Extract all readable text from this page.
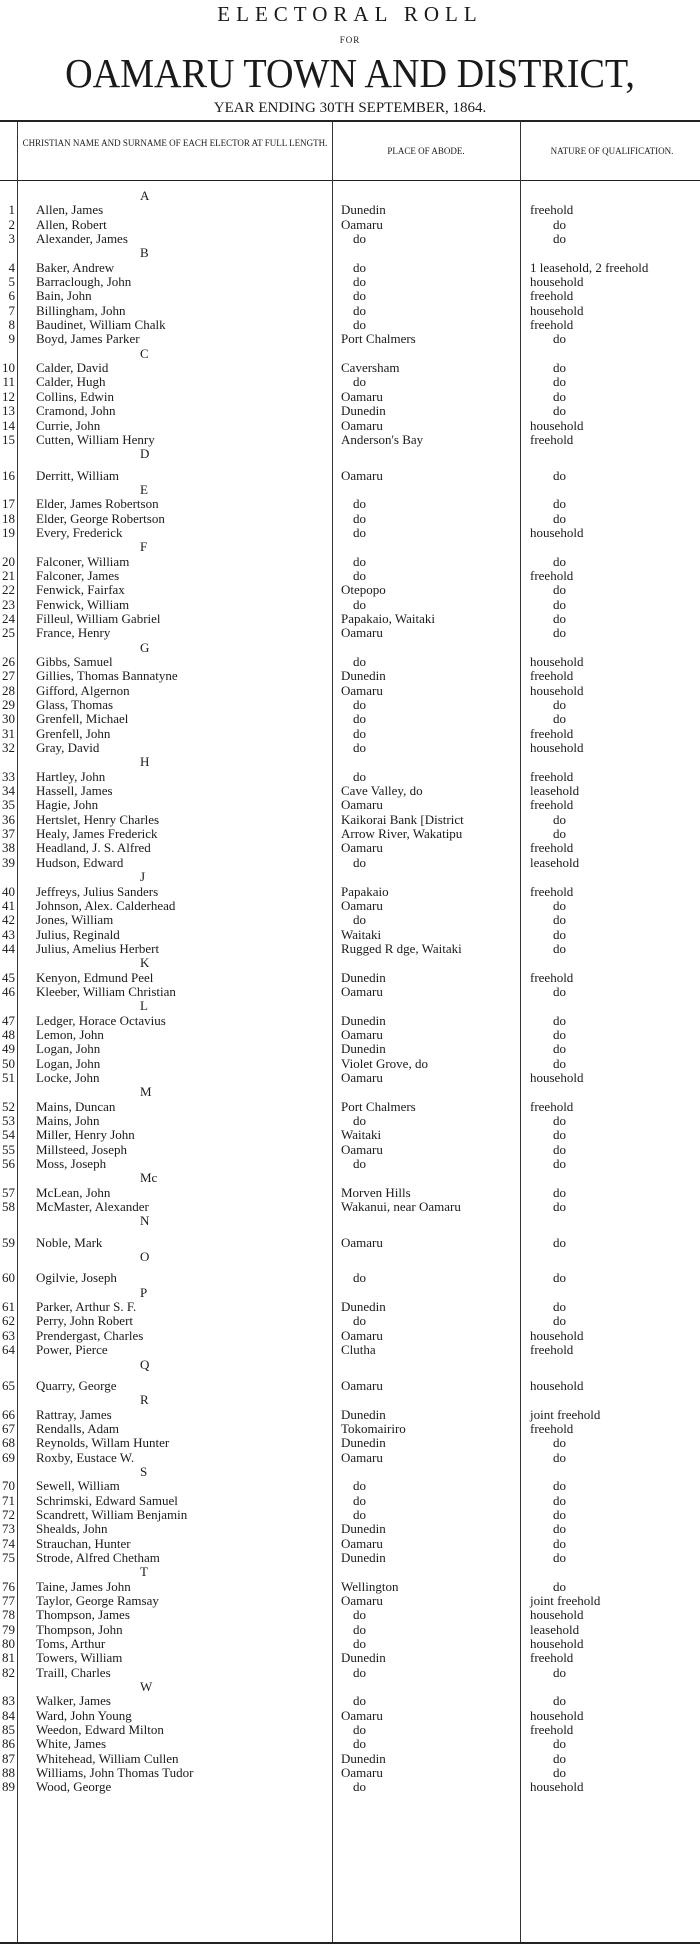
ELECTORAL ROLL
FOR
OAMARU TOWN AND DISTRICT,
YEAR ENDING 30TH SEPTEMBER, 1864.
CHRISTIAN NAME AND SURNAME OF EACH ELECTOR AT FULL LENGTH.
PLACE OF ABODE.	NATURE OF QUALIFICATION.
A
1 Allen, James	Dunedin	freehold
2 Allen, Robert	Oamaru	do
3 Alexander, James	do	do
B
4 Baker, Andrew	do	1 leasehold, 2 freehold
5 Barraclough, John	do	household
6 Bain, John	do	freehold
7 Billingham, John	do	household
8 Baudinet, William Chalk	do	freehold
9 Boyd, James Parker	Port Chalmers	do
C
10 Calder, David	Caversham	do
11 Calder, Hugh	do	do
12 Collins, Edwin	Oamaru	do
13 Cramond, John	Dunedin	do
14 Currie, John	Oamaru	household
15 Cutten, William Henry	Anderson's Bay	freehold
D
16 Derritt, William	Oamaru	do
E
17 Elder, James Robertson	do	do
18 Elder, George Robertson	do	do
19 Every, Frederick	do	household
F
20 Falconer, William	do	do
21 Falconer, James	do	freehold
22 Fenwick, Fairfax	Otepopo	do
23 Fenwick, William	do	do
24 Filleul, William Gabriel	Papakaio, Waitaki	do
25 France, Henry	Oamaru	do
G
26 Gibbs, Samuel	do	household
27 Gillies, Thomas Bannatyne	Dunedin	freehold
28 Gifford, Algernon	Oamaru	household
29 Glass, Thomas	do	do
30 Grenfell, Michael	do	do
31 Grenfell, John	do	freehold
32 Gray, David	do	household
H
33 Hartley, John	do	freehold
34 Hassell, James	Cave Valley, do	leasehold
35 Hagie, John	Oamaru	freehold
36 Hertslet, Henry Charles	Kaikorai Bank [District	do
37 Healy, James Frederick	Arrow River, Wakatipu	do
38 Headland, J. S. Alfred	Oamaru	freehold
39 Hudson, Edward	do	leasehold
J
40 Jeffreys, Julius Sanders	Papakaio	freehold
41 Johnson, Alex. Calderhead	Oamaru	do
42 Jones, William	do	do
43 Julius, Reginald	Waitaki	do
44 Julius, Amelius Herbert	Rugged R dge, Waitaki	do
K
45 Kenyon, Edmund Peel	Dunedin	freehold
46 Kleeber, William Christian	Oamaru	do
L
47 Ledger, Horace Octavius	Dunedin	do
48 Lemon, John	Oamaru	do
49 Logan, John	Dunedin	do
50 Logan, John	Violet Grove, do	do
51 Locke, John	Oamaru	household
M
52 Mains, Duncan	Port Chalmers	freehold
53 Mains, John	do	do
54 Miller, Henry John	Waitaki	do
55 Millsteed, Joseph	Oamaru	do
56 Moss, Joseph	do	do
Mc
57 McLean, John	Morven Hills	do
58 McMaster, Alexander	Wakanui, near Oamaru	do
N
59 Noble, Mark	Oamaru	do
O
60 Ogilvie, Joseph	do	do
P
61 Parker, Arthur S. F.	Dunedin	do
62 Perry, John Robert	do	do
63 Prendergast, Charles	Oamaru	household
64 Power, Pierce	Clutha	freehold
Q
65 Quarry, George	Oamaru	household
R
66 Rattray, James	Dunedin	joint freehold
67 Rendalls, Adam	Tokomairiro	freehold
68 Reynolds, Willam Hunter	Dunedin	do
69 Roxby, Eustace W.	Oamaru	do
S
70 Sewell, William	do	do
71 Schrimski, Edward Samuel	do	do
72 Scandrett, William Benjamin	do	do
73 Shealds, John	Dunedin	do
74 Strauchan, Hunter	Oamaru	do
75 Strode, Alfred Chetham	Dunedin	do
T
76 Taine, James John	Wellington	do
77 Taylor, George Ramsay	Oamaru	joint freehold
78 Thompson, James	do	household
79 Thompson, John	do	leasehold
80 Toms, Arthur	do	household
81 Towers, William	Dunedin	freehold
82 Traill, Charles	do	do
W
83 Walker, James	do	do
84 Ward, John Young	Oamaru	household
85 Weedon, Edward Milton	do	freehold
86 White, James	do	do
87 Whitehead, William Cullen	Dunedin	do
88 Williams, John Thomas Tudor	Oamaru	do
89 Wood, George	do	household
